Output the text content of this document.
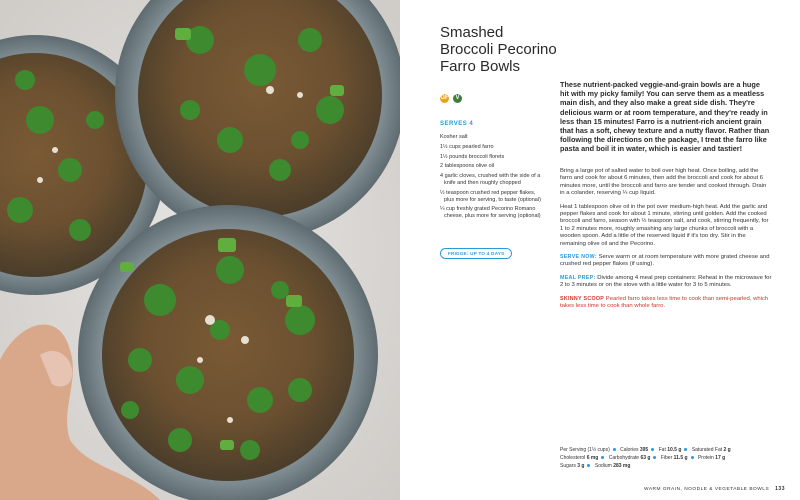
Smashed Broccoli Pecorino Farro Bowls
GF	V
SERVES 4
Kosher salt
1½ cups pearled farro
1½ pounds broccoli florets
2 tablespoons olive oil
4 garlic cloves, crushed with the side of a knife and then roughly chopped
½ teaspoon crushed red pepper flakes, plus more for serving, to taste (optional)
¼ cup freshly grated Pecorino Romano cheese, plus more for serving (optional)
FRIDGE: UP TO 4 DAYS

These nutrient-packed veggie-and-grain bowls are a huge hit with my picky family! You can serve them as a meatless main dish, and they also make a great side dish. They're delicious warm or at room temperature, and they're ready in less than 15 minutes! Farro is a nutrient-rich ancient grain that has a soft, chewy texture and a nutty flavor. Rather than following the directions on the package, I treat the farro like pasta and boil it in water, which is easier and tastier!

Bring a large pot of salted water to boil over high heat. Once boiling, add the farro and cook for about 6 minutes, then add the broccoli and cook for about 6 minutes more, until the broccoli and farro are tender and cooked through. Drain in a colander, reserving ¼ cup liquid.

Heat 1 tablespoon olive oil in the pot over medium-high heat. Add the garlic and pepper flakes and cook for about 1 minute, stirring until golden. Add the cooked broccoli and farro, season with ½ teaspoon salt, and cook, stirring frequently, for 1 to 2 minutes more, roughly smashing any large chunks of broccoli with a wooden spoon. Add a little of the reserved liquid if it's too dry. Stir in the remaining olive oil and the Pecorino.

SERVE NOW: Serve warm or at room temperature with more grated cheese and crushed red pepper flakes (if using).

MEAL PREP: Divide among 4 meal prep containers: Reheat in the microwave for 2 to 3 minutes or on the stove with a little water for 3 to 5 minutes.

SKINNY SCOOP Pearled farro takes less time to cook than semi-pearled, which takes less time to cook than whole farro.

Per Serving (1½ cups) Calories 395 Fat 10.5 g Saturated Fat 2 g
Cholesterol 6 mg Carbohydrate 63 g Fiber 11.5 g Protein 17 g
Sugars 3 g Sodium 283 mg
WARM GRAIN, NOODLE & VEGETABLE BOWLS 133
